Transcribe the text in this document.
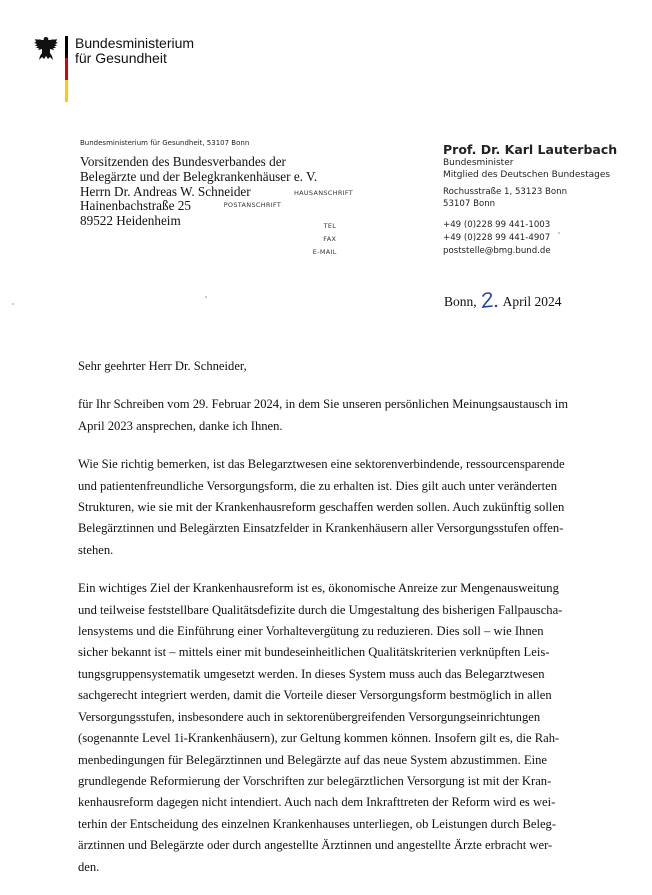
Bundesministerium
für Gesundheit
Bundesministerium für Gesundheit, 53107 Bonn
Vorsitzenden des Bundesverbandes der
Belegärzte und der Belegkrankenhäuser e. V.
Herrn Dr. Andreas W. Schneider
Hainenbachstraße 25
89522 Heidenheim
Prof. Dr. Karl Lauterbach
Bundesminister
Mitglied des Deutschen Bundestages
HAUSANSCHRIFT	Rochusstraße 1, 53123 Bonn
POSTANSCHRIFT	53107 Bonn
TEL	+49 (0)228 99 441-1003
FAX	+49 (0)228 99 441-4907
E-MAIL	poststelle@bmg.bund.de
Bonn, April 2024

Sehr geehrter Herr Dr. Schneider,

für Ihr Schreiben vom 29. Februar 2024, in dem Sie unseren persönlichen Meinungsaustausch im
April 2023 ansprechen, danke ich Ihnen.

Wie Sie richtig bemerken, ist das Belegarztwesen eine sektorenverbindende, ressourcensparende
und patientenfreundliche Versorgungsform, die zu erhalten ist. Dies gilt auch unter veränderten
Strukturen, wie sie mit der Krankenhausreform geschaffen werden sollen. Auch zukünftig sollen
Belegärztinnen und Belegärzten Einsatzfelder in Krankenhäusern aller Versorgungsstufen offen-
stehen.

Ein wichtiges Ziel der Krankenhausreform ist es, ökonomische Anreize zur Mengenausweitung
und teilweise feststellbare Qualitätsdefizite durch die Umgestaltung des bisherigen Fallpauscha-
lensystems und die Einführung einer Vorhaltevergütung zu reduzieren. Dies soll – wie Ihnen
sicher bekannt ist – mittels einer mit bundeseinheitlichen Qualitätskriterien verknüpften Leis-
tungsgruppensystematik umgesetzt werden. In dieses System muss auch das Belegarztwesen
sachgerecht integriert werden, damit die Vorteile dieser Versorgungsform bestmöglich in allen
Versorgungsstufen, insbesondere auch in sektorenübergreifenden Versorgungseinrichtungen
(sogenannte Level 1i-Krankenhäusern), zur Geltung kommen können. Insofern gilt es, die Rah-
menbedingungen für Belegärztinnen und Belegärzte auf das neue System abzustimmen. Eine
grundlegende Reformierung der Vorschriften zur belegärztlichen Versorgung ist mit der Kran-
kenhausreform dagegen nicht intendiert. Auch nach dem Inkrafttreten der Reform wird es wei-
terhin der Entscheidung des einzelnen Krankenhauses unterliegen, ob Leistungen durch Beleg-
ärztinnen und Belegärzte oder durch angestellte Ärztinnen und angestellte Ärzte erbracht wer-
den.
